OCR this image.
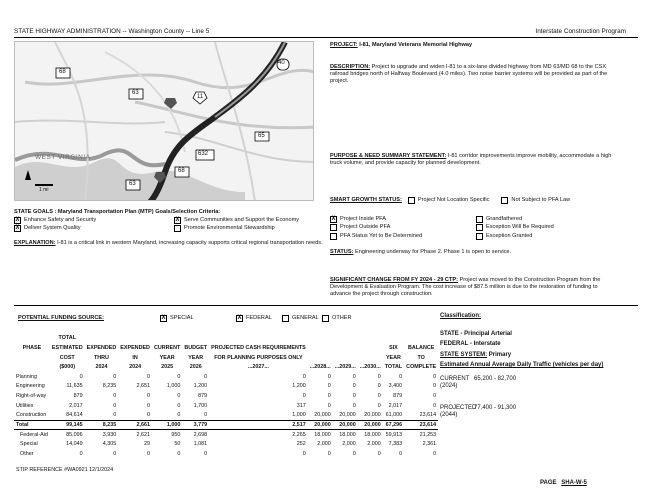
STATE HIGHWAY ADMINISTRATION -- Washington County -- Line 5	Interstate Construction Program
68
40
63
11
65
632
68
63
WEST VIRGINIA
1 mi
PROJECT: I-81, Maryland Veterans Memorial Highway
DESCRIPTION: Project to upgrade and widen I-81 to a six-lane divided highway from MD 63/MD 68 to the CSX railroad bridges north of Halfway Boulevard (4.0 miles). Two noise barrier systems will be provided as part of the project.
PURPOSE & NEED SUMMARY STATEMENT: I-81 corridor improvements improve mobility, accommodate a high truck volume, and provide capacity for planned development.
SMART GROWTH STATUS:	Project Not Location Specific	Not Subject to PFA Law
X Project Inside PFA
Project Outside PFA
PFA Status Yet to Be Determined
Grandfathered
Exception Will Be Required
Exception Granted
STATE GOALS : Maryland Transportation Plan (MTP) Goals/Selection Criteria:
X Enhance Safety and Security	X Serve Communities and Support the Economy
X Deliver System Quality	Promote Environmental Stewardship
EXPLANATION: I-81 is a critical link in western Maryland, increasing capacity supports critical regional transportation needs.
STATUS: Engineering underway for Phase 2. Phase 1 is open to service.
SIGNIFICANT CHANGE FROM FY 2024 - 29 CTP: Project was moved to the Construction Program from the Development & Evaluation Program. The cost increase of $87.5 million is due to the restoration of funding to advance the project through construction.
POTENTIAL FUNDING SOURCE:	X SPECIAL	X FEDERAL	GENERAL	OTHER
	TOTAL										
PHASE	ESTIMATED	EXPENDED	EXPENDED	CURRENT	BUDGET	PROJECTED CASH REQUIREMENTS				SIX	BALANCE
	COST	THRU	IN	YEAR	YEAR	FOR PLANNING PURPOSES ONLY				YEAR	TO
	($000)	2024	2024	2025	2026	...2027...	...2028...	...2029...	...2030...	TOTAL	COMPLETE
Planning	0	0	0	0	0	0	0	0	0	0	0
Engineering	11,635	8,235	2,651	1,000	1,200	1,200	0	0	0	3,400	0
Right-of-way	879	0	0	0	879	0	0	0	0	879	0
Utilities	2,017	0	0	0	1,700	317	0	0	0	2,017	0
Construction	84,614	0	0	0	0	1,000	20,000	20,000	20,000	61,000	23,614
Total	99,145	8,235	2,661	1,000	3,779	2,517	20,000	20,000	20,000	67,296	23,614
Federal-Aid	85,096	3,930	2,621	950	2,698	2,265	18,000	18,000	18,000	59,913	21,253
Special	14,049	4,305	29	50	1,081	252	2,000	2,000	2,000	7,383	2,361
Other	0	0	0	0	0	0	0	0	0	0	0
STIP REFERENCE #WA0921 12/1/2024
Classification:
STATE - Principal Arterial
FEDERAL - Interstate
STATE SYSTEM: Primary
Estimated Annual Average Daily Traffic (vehicles per day)
CURRENT (2024)
65,200 - 82,700
PROJECTED (2044)
77,400 - 91,300
PAGE SHA-W-5
